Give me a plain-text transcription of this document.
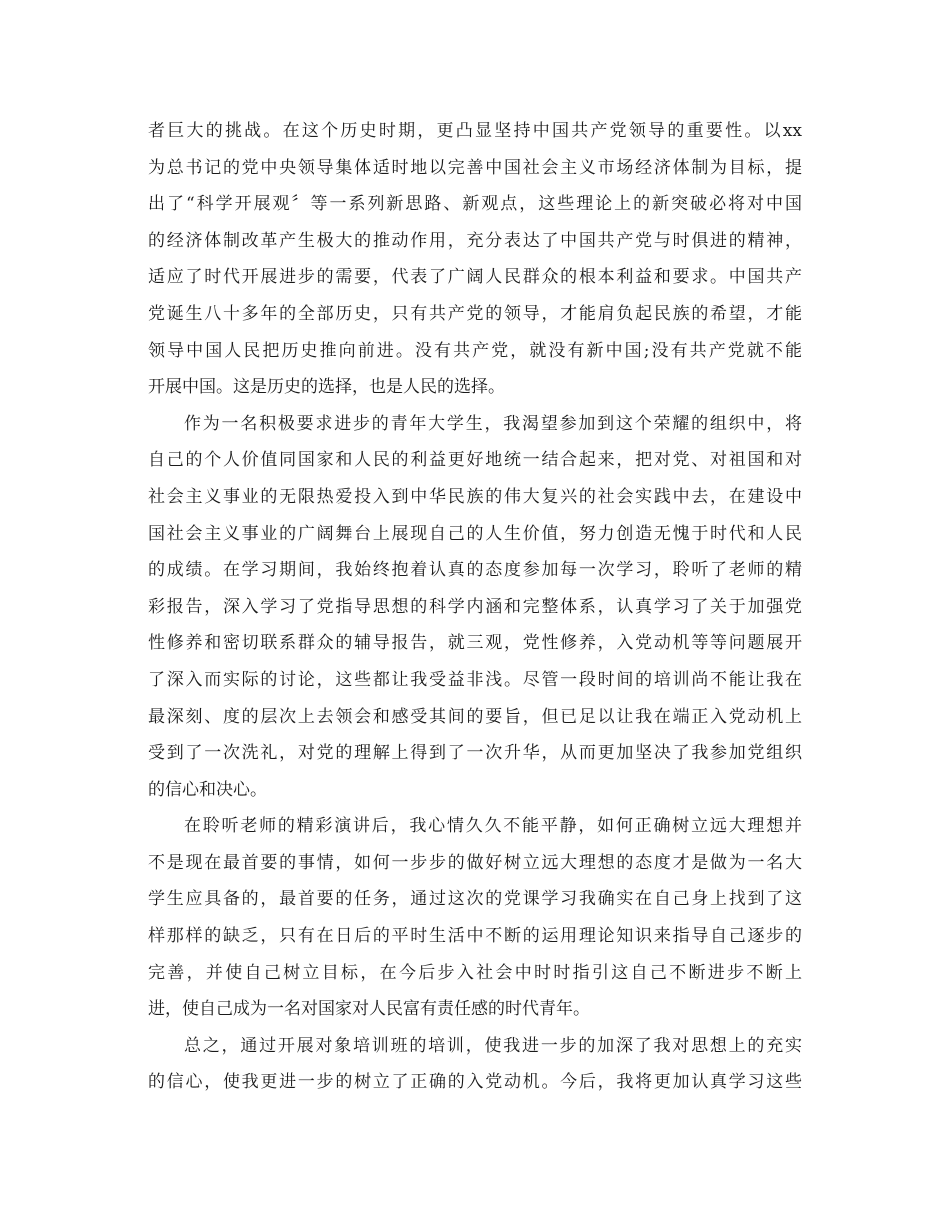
者巨大的挑战。在这个历史时期，更凸显坚持中国共产党领导的重要性。以xx
为总书记的党中央领导集体适时地以完善中国社会主义市场经济体制为目标，提
出了“科学开展观〞等一系列新思路、新观点，这些理论上的新突破必将对中国
的经济体制改革产生极大的推动作用，充分表达了中国共产党与时俱进的精神，
适应了时代开展进步的需要，代表了广阔人民群众的根本利益和要求。中国共产
党诞生八十多年的全部历史，只有共产党的领导，才能肩负起民族的希望，才能
领导中国人民把历史推向前进。没有共产党，就没有新中国;没有共产党就不能
开展中国。这是历史的选择，也是人民的选择。
作为一名积极要求进步的青年大学生，我渴望参加到这个荣耀的组织中，将
自己的个人价值同国家和人民的利益更好地统一结合起来，把对党、对祖国和对
社会主义事业的无限热爱投入到中华民族的伟大复兴的社会实践中去，在建设中
国社会主义事业的广阔舞台上展现自己的人生价值，努力创造无愧于时代和人民
的成绩。在学习期间，我始终抱着认真的态度参加每一次学习，聆听了老师的精
彩报告，深入学习了党指导思想的科学内涵和完整体系，认真学习了关于加强党
性修养和密切联系群众的辅导报告，就三观，党性修养，入党动机等等问题展开
了深入而实际的讨论，这些都让我受益非浅。尽管一段时间的培训尚不能让我在
最深刻、度的层次上去领会和感受其间的要旨，但已足以让我在端正入党动机上
受到了一次洗礼，对党的理解上得到了一次升华，从而更加坚决了我参加党组织
的信心和决心。
在聆听老师的精彩演讲后，我心情久久不能平静，如何正确树立远大理想并
不是现在最首要的事情，如何一步步的做好树立远大理想的态度才是做为一名大
学生应具备的，最首要的任务，通过这次的党课学习我确实在自己身上找到了这
样那样的缺乏，只有在日后的平时生活中不断的运用理论知识来指导自己逐步的
完善，并使自己树立目标，在今后步入社会中时时指引这自己不断进步不断上
进，使自己成为一名对国家对人民富有责任感的时代青年。
总之，通过开展对象培训班的培训，使我进一步的加深了我对思想上的充实
的信心，使我更进一步的树立了正确的入党动机。今后，我将更加认真学习这些
